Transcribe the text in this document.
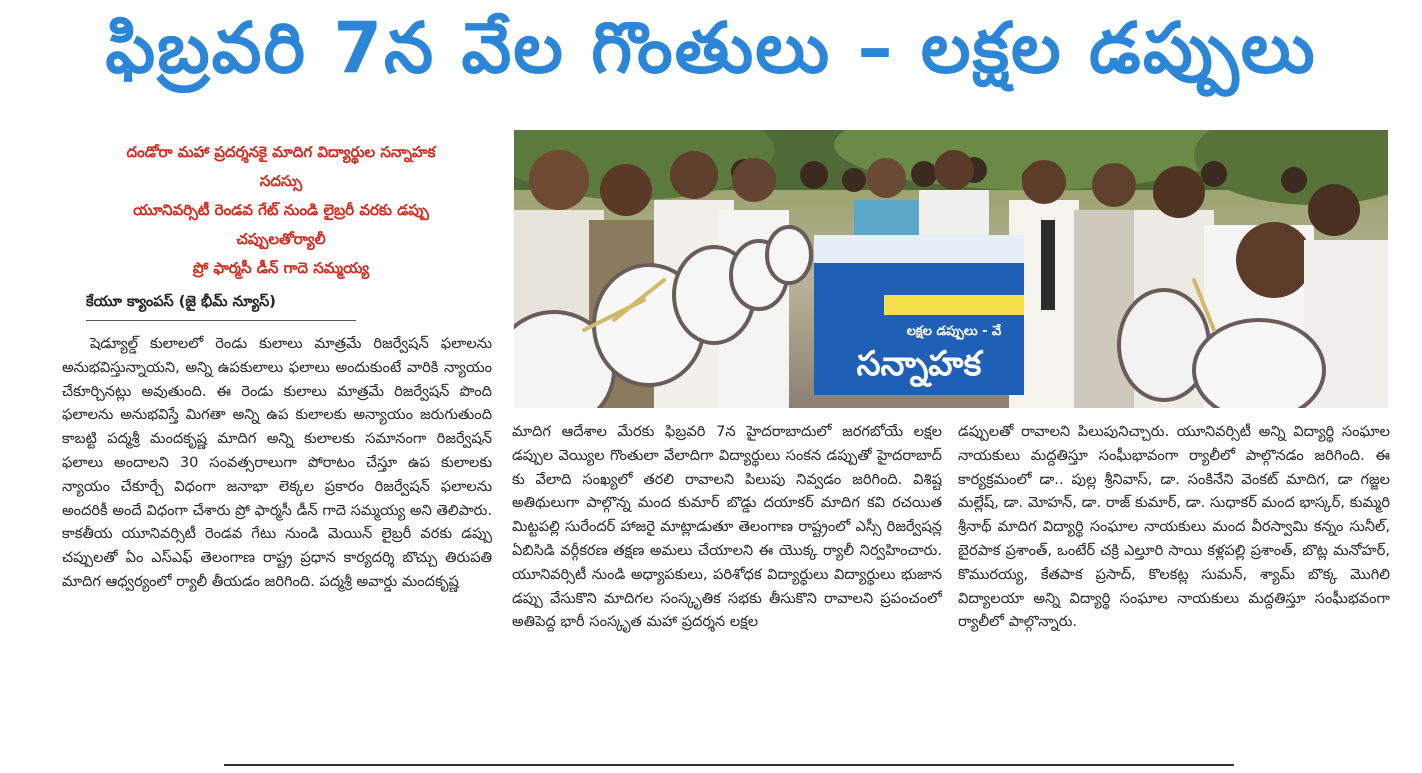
ఫిబ్రవరి 7న వేల గొంతులు – లక్షల డప్పులు
దండోరా మహా ప్రదర్శనకై మాదిగ విద్యార్థుల సన్నాహక
సదస్సు
యూనివర్సిటీ రెండవ గేట్ నుండి లైబ్రరీ వరకు డప్పు
చప్పులతోర్యాలీ
ప్రో ఫార్మసీ డీన్ గాదె సమ్మయ్య
కేయూ క్యాంపస్ (జై భీమ్ న్యూస్)

షెడ్యూల్డ్ కులాలలో రెండు కులాలు మాత్రమే రిజర్వేషన్ ఫలాలను అనుభవిస్తున్నాయని, అన్ని ఉపకులాలు ఫలాలు అందుకుంటే వారికి న్యాయం చేకూర్చినట్లు అవుతుంది. ఈ రెండు కులాలు మాత్రమే రిజర్వేషన్ పొంది ఫలాలను అనుభవిస్తే మిగతా అన్ని ఉప కులాలకు అన్యాయం జరుగుతుంది కాబట్టి పద్మశ్రీ మందకృష్ణ మాదిగ అన్ని కులాలకు సమానంగా రిజర్వేషన్ ఫలాలు అందాలని 30 సంవత్సరాలుగా పోరాటం చేస్తూ ఉప కులాలకు న్యాయం చేకూర్చే విధంగా జనాభా లెక్కల ప్రకారం రిజర్వేషన్ ఫలాలను అందరికీ అందే విధంగా చేశారు ప్రో ఫార్మసీ డీన్ గాదె సమ్మయ్య అని తెలిపారు. కాకతీయ యూనివర్సిటీ రెండవ గేటు నుండి మెయిన్ లైబ్రరీ వరకు డప్పు చప్పులతో ఏం ఎస్ఎఫ్ తెలంగాణ రాష్ట్ర ప్రధాన కార్యదర్శి బొచ్చు తిరుపతి మాదిగ ఆధ్వర్యంలో ర్యాలీ తీయడం జరిగింది. పద్మశ్రీ అవార్డు మందకృష్ణ

లక్షల డప్పులు - వే
సన్నాహక

మాదిగ ఆదేశాల మేరకు ఫిబ్రవరి 7న హైదరాబాదులో జరగబోయే లక్షల డప్పుల వెయ్యిల గొంతులా వేలాదిగా విద్యార్థులు సంకన డప్పుతో హైదరాబాద్ కు వేలాది సంఖ్యలో తరలి రావాలని పిలుపు నివ్వడం జరిగింది. విశిష్ట అతిథులుగా పాల్గొన్న మంద కుమార్ బొడ్డు దయాకర్ మాదిగ కవి రచయిత మిట్టపల్లి సురేందర్ హాజరై మాట్లాడుతూ తెలంగాణ రాష్ట్రంలో ఎస్సీ రిజర్వేషన్ల ఏబిసిడి వర్గీకరణ తక్షణ అమలు చేయాలని ఈ యొక్క ర్యాలీ నిర్వహించారు. యూనివర్సిటీ నుండి అధ్యాపకులు, పరిశోధక విద్యార్థులు విద్యార్థులు భుజాన డప్పు వేసుకొని మాదిగల సంస్కృతిక సభకు తీసుకొని రావాలని ప్రపంచంలో అతిపెద్ద భారీ సంస్కృత మహా ప్రదర్శన లక్షల

డప్పులతో రావాలని పిలుపునిచ్చారు. యూనివర్సిటీ అన్ని విద్యార్థి సంఘాల నాయకులు మద్దతిస్తూ సంఘీభావంగా ర్యాలీలో పాల్గొనడం జరిగింది. ఈ కార్యక్రమంలో డా.. పుల్ల శ్రీనివాస్, డా. సంకినేని వెంకట్ మాదిగ, డా గజ్జల మల్లేష్, డా. మోహన్, డా. రాజ్ కుమార్, డా. సుధాకర్ మంద భాస్కర్, కుమ్మరి శ్రీనాథ్ మాదిగ విద్యార్థి సంఘాల నాయకులు మంద వీరస్వామి కన్నం సునీల్, బైరపాక ప్రశాంత్, ఒంటేర్ చక్రి ఎల్తూరి సాయి కళ్లపల్లి ప్రశాంత్, బొట్ల మనోహర్, కొమురయ్య, కేతపాక ప్రసాద్, కొలకట్ల సుమన్, శ్యామ్ బొక్క మొగిలి విద్యాలయా అన్ని విద్యార్థి సంఘాల నాయకులు మద్దతిస్తూ సంఘీభవంగా ర్యాలీలో పాల్గొన్నారు.
